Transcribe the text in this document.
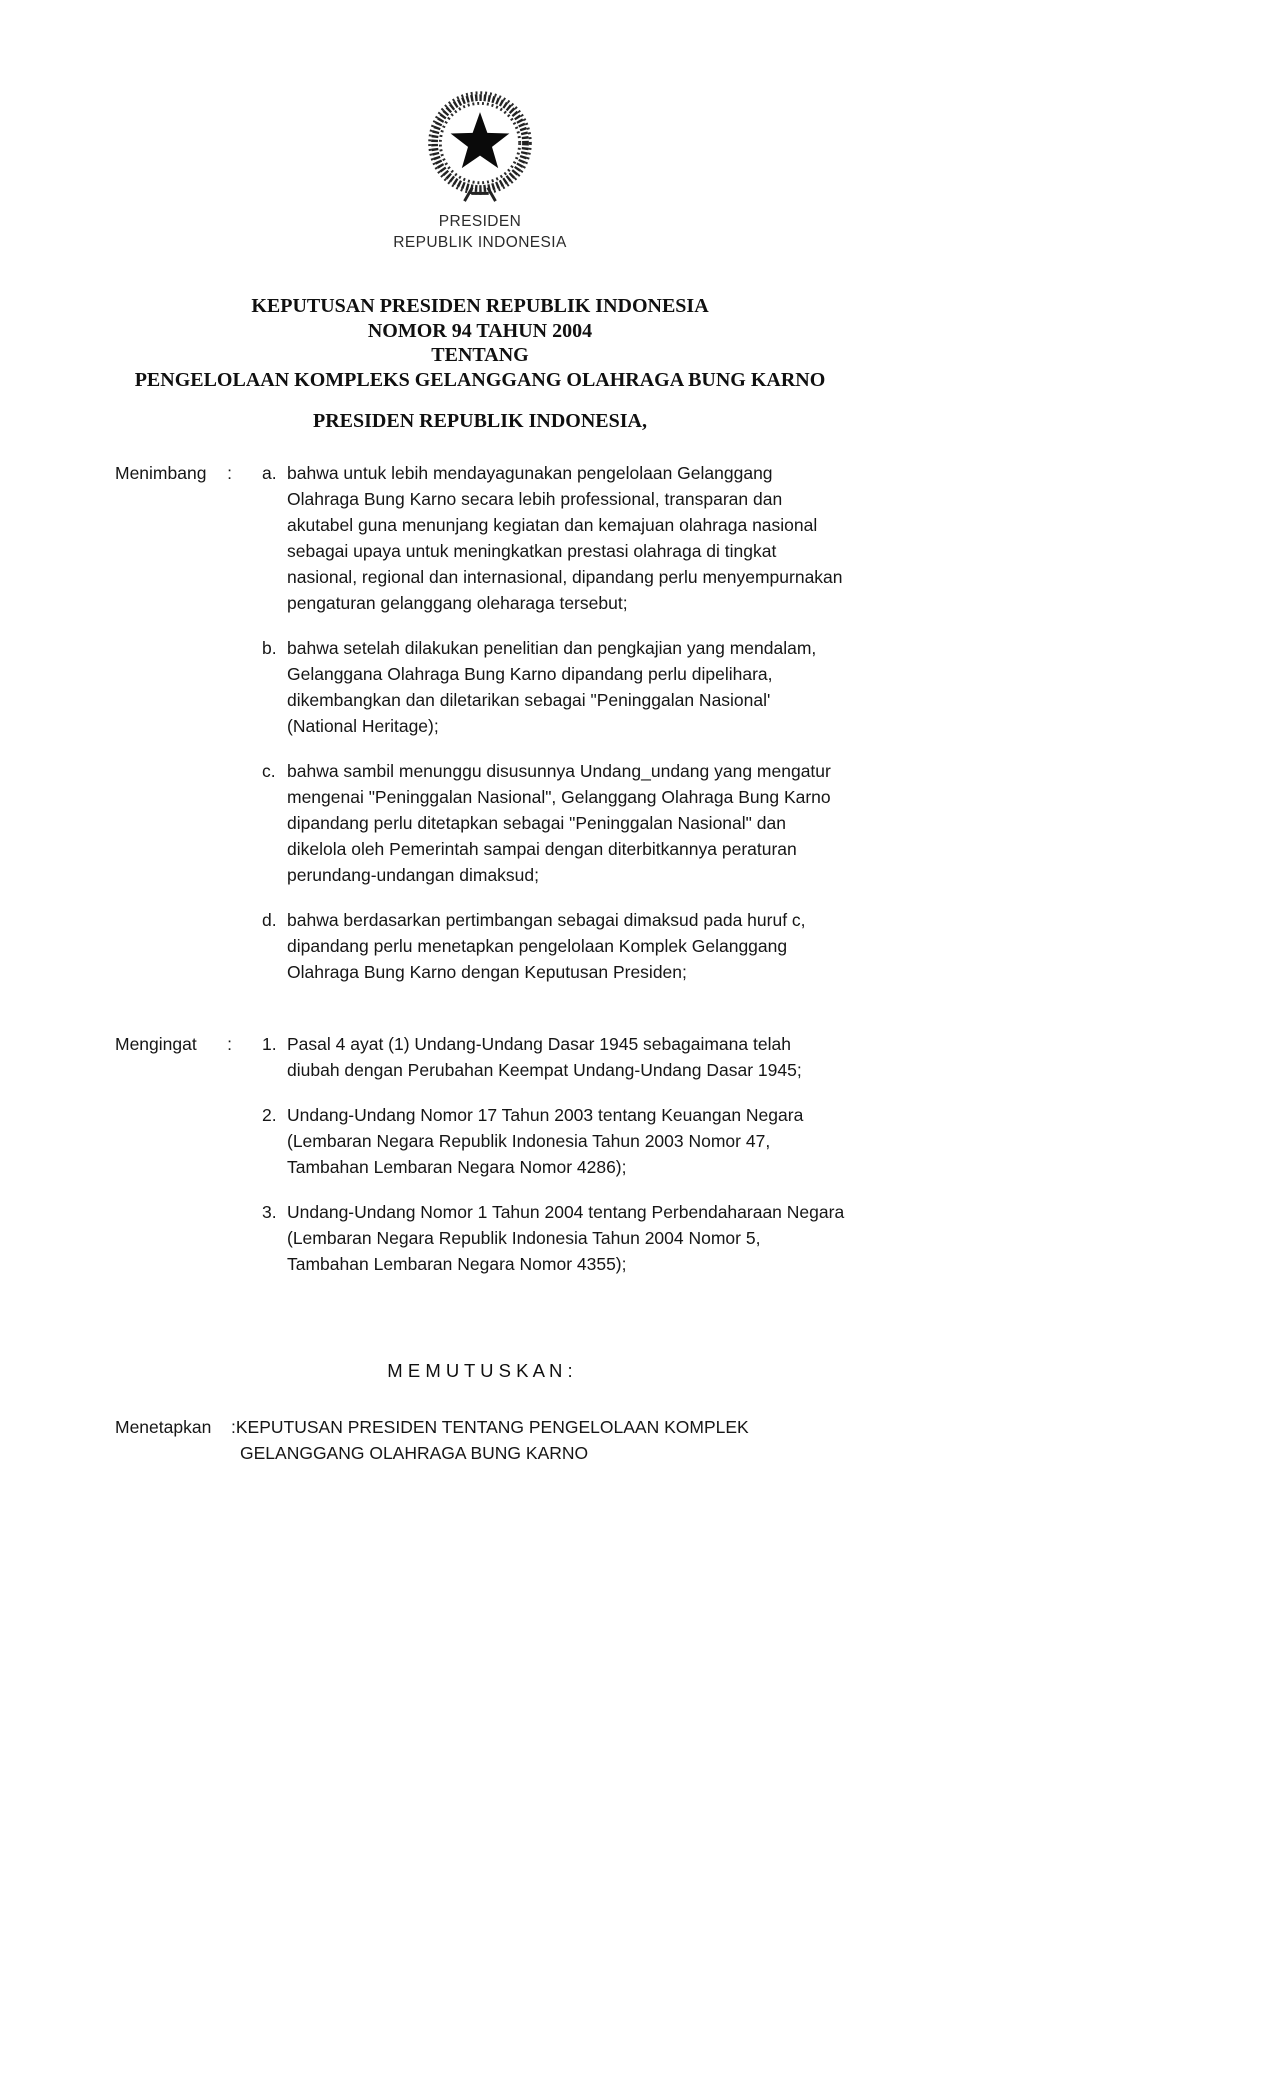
PRESIDEN
REPUBLIK INDONESIA
KEPUTUSAN PRESIDEN REPUBLIK INDONESIA
NOMOR 94 TAHUN 2004
TENTANG
PENGELOLAAN KOMPLEKS GELANGGANG OLAHRAGA BUNG KARNO
PRESIDEN REPUBLIK INDONESIA,
Menimbang : a. bahwa untuk lebih mendayagunakan pengelolaan Gelanggang Olahraga Bung Karno secara lebih professional, transparan dan akutabel guna menunjang kegiatan dan kemajuan olahraga nasional sebagai upaya untuk meningkatkan prestasi olahraga di tingkat nasional, regional dan internasional, dipandang perlu menyempurnakan pengaturan gelanggang oleharaga tersebut;
b. bahwa setelah dilakukan penelitian dan pengkajian yang mendalam, Gelanggana Olahraga Bung Karno dipandang perlu dipelihara, dikembangkan dan diletarikan sebagai "Peninggalan Nasional' (National Heritage);
c. bahwa sambil menunggu disusunnya Undang_undang yang mengatur mengenai "Peninggalan Nasional", Gelanggang Olahraga Bung Karno dipandang perlu ditetapkan sebagai "Peninggalan Nasional" dan dikelola oleh Pemerintah sampai dengan diterbitkannya peraturan perundang-undangan dimaksud;
d. bahwa berdasarkan pertimbangan sebagai dimaksud pada huruf c, dipandang perlu menetapkan pengelolaan Komplek Gelanggang Olahraga Bung Karno dengan Keputusan Presiden;
Mengingat : 1. Pasal 4 ayat (1) Undang-Undang Dasar 1945 sebagaimana telah diubah dengan Perubahan Keempat Undang-Undang Dasar 1945;
2. Undang-Undang Nomor 17 Tahun 2003 tentang Keuangan Negara (Lembaran Negara Republik Indonesia Tahun 2003 Nomor 47, Tambahan Lembaran Negara Nomor 4286);
3. Undang-Undang Nomor 1 Tahun 2004 tentang Perbendaharaan Negara (Lembaran Negara Republik Indonesia Tahun 2004 Nomor 5, Tambahan Lembaran Negara Nomor 4355);
M E M U T U S K A N :
Menetapkan	:KEPUTUSAN PRESIDEN TENTANG PENGELOLAAN KOMPLEK GELANGGANG OLAHRAGA BUNG KARNO
